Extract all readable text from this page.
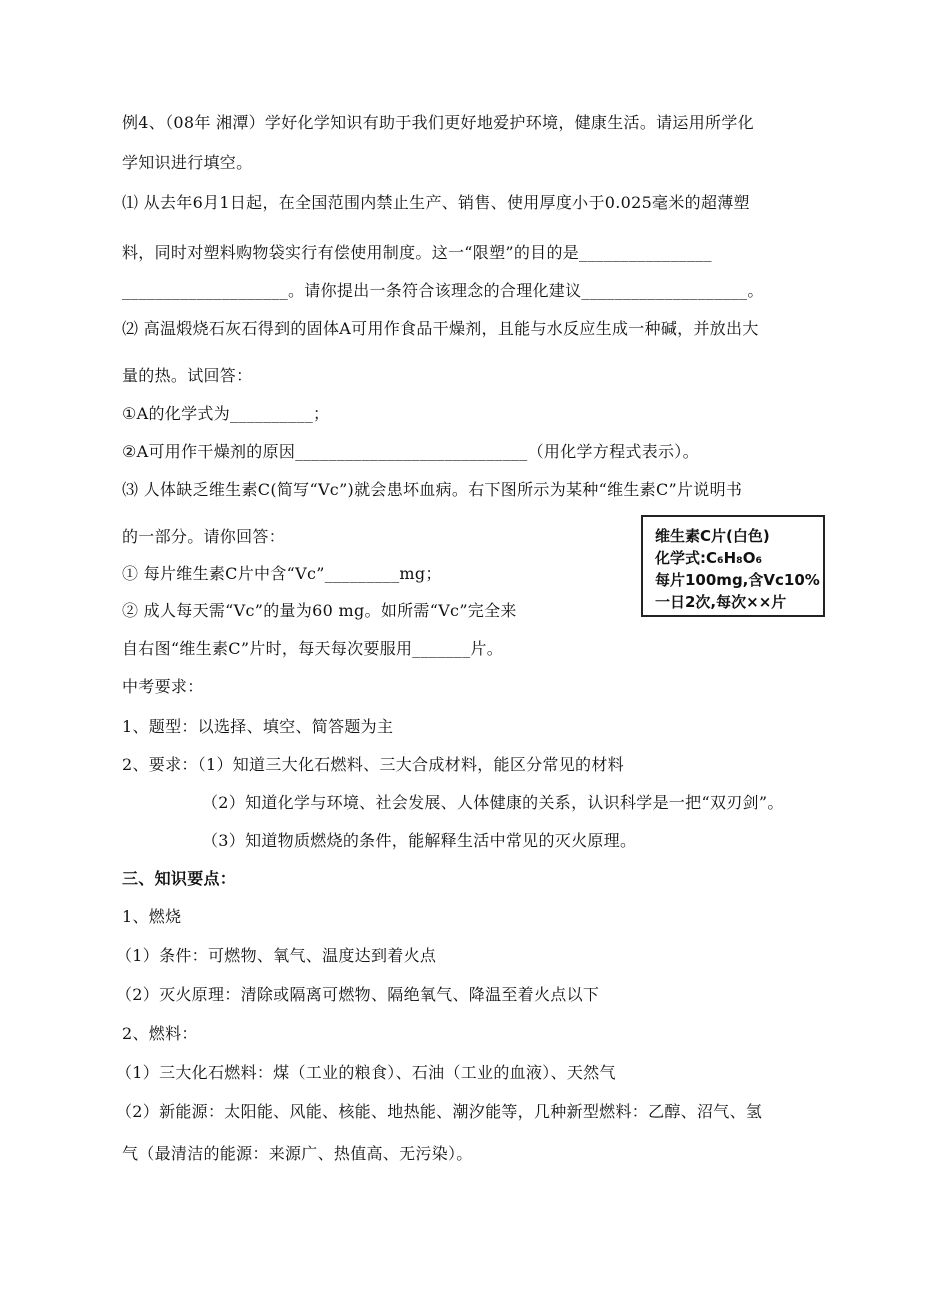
例4、（08年 湘潭）学好化学知识有助于我们更好地爱护环境，健康生活。请运用所学化
学知识进行填空。
⑴ 从去年6月1日起，在全国范围内禁止生产、销售、使用厚度小于0.025毫米的超薄塑
料，同时对塑料购物袋实行有偿使用制度。这一“限塑”的目的是________________
____________________。请你提出一条符合该理念的合理化建议____________________。
⑵ 高温煅烧石灰石得到的固体A可用作食品干燥剂，且能与水反应生成一种碱，并放出大
量的热。试回答：
①A的化学式为__________；
②A可用作干燥剂的原因____________________________（用化学方程式表示）。
⑶ 人体缺乏维生素C(简写“Vc”)就会患坏血病。右下图所示为某种“维生素C”片说明书
的一部分。请你回答：
① 每片维生素C片中含“Vc”_________mg；
② 成人每天需“Vc”的量为60 mg。如所需“Vc”完全来
自右图“维生素C”片时，每天每次要服用_______片。
中考要求：
1、题型：以选择、填空、简答题为主
2、要求：（1）知道三大化石燃料、三大合成材料，能区分常见的材料
（2）知道化学与环境、社会发展、人体健康的关系，认识科学是一把“双刃剑”。
（3）知道物质燃烧的条件，能解释生活中常见的灭火原理。
三、知识要点：
1、燃烧
（1）条件：可燃物、氧气、温度达到着火点
（2）灭火原理：清除或隔离可燃物、隔绝氧气、降温至着火点以下
2、燃料：
（1）三大化石燃料：煤（工业的粮食）、石油（工业的血液）、天然气
（2）新能源：太阳能、风能、核能、地热能、潮汐能等，几种新型燃料：乙醇、沼气、氢
气（最清洁的能源：来源广、热值高、无污染）。
维生素C片(白色)
化学式:C₆H₈O₆
每片100mg,含Vc10%
一日2次,每次××片
